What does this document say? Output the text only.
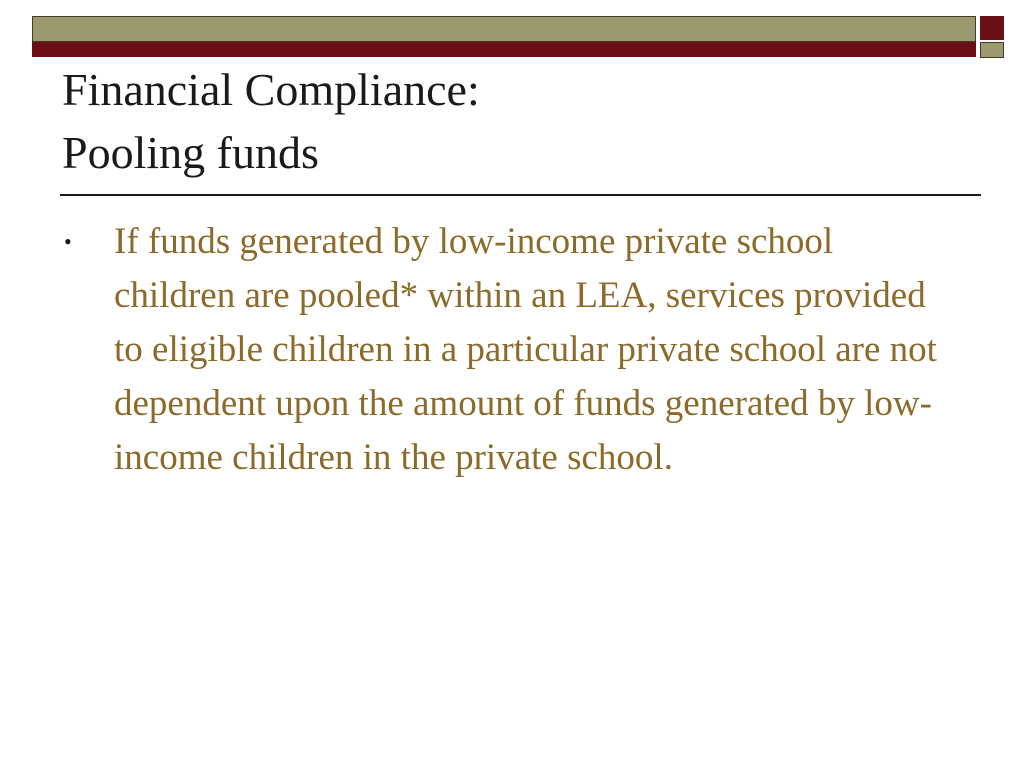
Financial Compliance:
Pooling funds
•	If funds generated by low-income private school children are pooled* within an LEA, services provided to eligible children in a particular private school are not dependent upon the amount of funds generated by low-income children in the private school.
